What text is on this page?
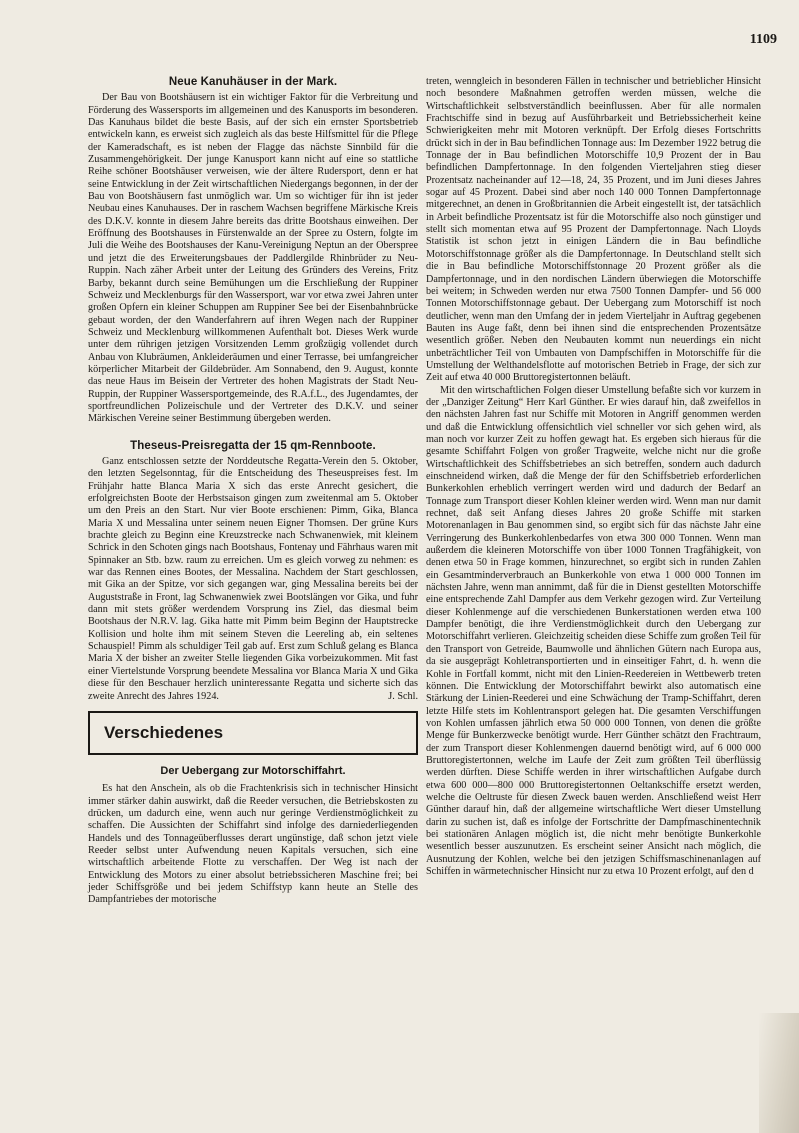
1109

Neue Kanuhäuser in der Mark.

Der Bau von Bootshäusern ist ein wichtiger Faktor für die Verbreitung und Förderung des Wassersports im allgemeinen und des Kanusports im besonderen. Das Kanuhaus bildet die beste Basis, auf der sich ein ernster Sportsbetrieb entwickeln kann, es erweist sich zugleich als das beste Hilfsmittel für die Pflege der Kameradschaft, es ist neben der Flagge das nächste Sinnbild für die Zusammengehörigkeit. Der junge Kanusport kann nicht auf eine so stattliche Reihe schöner Bootshäuser verweisen, wie der ältere Rudersport, denn er hat seine Entwicklung in der Zeit wirtschaftlichen Niedergangs begonnen, in der der Bau von Bootshäusern fast unmöglich war. Um so wichtiger für ihn ist jeder Neubau eines Kanuhauses. Der in raschem Wachsen begriffene Märkische Kreis des D.K.V. konnte in diesem Jahre bereits das dritte Bootshaus einweihen. Der Eröffnung des Bootshauses in Fürstenwalde an der Spree zu Ostern, folgte im Juli die Weihe des Bootshauses der Kanu-Vereinigung Neptun an der Oberspree und jetzt die des Erweiterungsbaues der Paddlergilde Rhinbrüder zu Neu-Ruppin. Nach zäher Arbeit unter der Leitung des Gründers des Vereins, Fritz Barby, bekannt durch seine Bemühungen um die Erschließung der Ruppiner Schweiz und Mecklenburgs für den Wassersport, war vor etwa zwei Jahren unter großen Opfern ein kleiner Schuppen am Ruppiner See bei der Eisenbahnbrücke gebaut worden, der den Wanderfahrern auf ihren Wegen nach der Ruppiner Schweiz und Mecklenburg willkommenen Aufenthalt bot. Dieses Werk wurde unter dem rührigen jetzigen Vorsitzenden Lemm großzügig vollendet durch Anbau von Klubräumen, Ankleideräumen und einer Terrasse, bei umfangreicher körperlicher Mitarbeit der Gildebrüder. Am Sonnabend, den 9. August, konnte das neue Haus im Beisein der Vertreter des hohen Magistrats der Stadt Neu-Ruppin, der Ruppiner Wassersportgemeinde, des R.A.f.L., des Jugendamtes, der sportfreundlichen Polizeischule und der Vertreter des D.K.V. und seiner Märkischen Vereine seiner Bestimmung übergeben werden.

Theseus-Preisregatta der 15 qm-Rennboote.

Ganz entschlossen setzte der Norddeutsche Regatta-Verein den 5. Oktober, den letzten Segelsonntag, für die Entscheidung des Theseuspreises fest. Im Frühjahr hatte Blanca Maria X sich das erste Anrecht gesichert, die erfolgreichsten Boote der Herbstsaison gingen zum zweitenmal am 5. Oktober um den Preis an den Start. Nur vier Boote erschienen: Pimm, Gika, Blanca Maria X und Messalina unter seinem neuen Eigner Thomsen. Der grüne Kurs brachte gleich zu Beginn eine Kreuzstrecke nach Schwanenwiek, mit kleinem Schrick in den Schoten gings nach Bootshaus, Fontenay und Fährhaus waren mit Spinnaker an Stb. bzw. raum zu erreichen. Um es gleich vorweg zu nehmen: es war das Rennen eines Bootes, der Messalina. Nachdem der Start geschlossen, mit Gika an der Spitze, vor sich gegangen war, ging Messalina bereits bei der Auguststraße in Front, lag Schwanenwiek zwei Bootslängen vor Gika, und fuhr dann mit stets größer werdendem Vorsprung ins Ziel, das diesmal beim Bootshaus der N.R.V. lag. Gika hatte mit Pimm beim Beginn der Hauptstrecke Kollision und holte ihm mit seinem Steven die Leereling ab, ein seltenes Schauspiel! Pimm als schuldiger Teil gab auf. Erst zum Schluß gelang es Blanca Maria X der bisher an zweiter Stelle liegenden Gika vorbeizukommen. Mit fast einer Viertelstunde Vorsprung beendete Messalina vor Blanca Maria X und Gika diese für den Beschauer herzlich uninteressante Regatta und sicherte sich das zweite Anrecht des Jahres 1924.	J. Schl.

Verschiedenes
Der Uebergang zur Motorschiffahrt.

Es hat den Anschein, als ob die Frachtenkrisis sich in technischer Hinsicht immer stärker dahin auswirkt, daß die Reeder versuchen, die Betriebskosten zu drücken, um dadurch eine, wenn auch nur geringe Verdienstmöglichkeit zu schaffen. Die Aussichten der Schiffahrt sind infolge des darniederliegenden Handels und des Tonnageüberflusses derart ungünstige, daß schon jetzt viele Reeder selbst unter Aufwendung neuen Kapitals versuchen, sich eine wirtschaftlich arbeitende Flotte zu verschaffen. Der Weg ist nach der Entwicklung des Motors zu einer absolut betriebssicheren Maschine frei; bei jeder Schiffsgröße und bei jedem Schiffstyp kann heute an Stelle des Dampfantriebes der motorische

treten, wenngleich in besonderen Fällen in technischer und betrieblicher Hinsicht noch besondere Maßnahmen getroffen werden müssen, welche die Wirtschaftlichkeit selbstverständlich beeinflussen. Aber für alle normalen Frachtschiffe sind in bezug auf Ausführbarkeit und Betriebssicherheit keine Schwierigkeiten mehr mit Motoren verknüpft. Der Erfolg dieses Fortschritts drückt sich in der in Bau befindlichen Tonnage aus: Im Dezember 1922 betrug die Tonnage der in Bau befindlichen Motorschiffe 10,9 Prozent der in Bau befindlichen Dampfertonnage. In den folgenden Vierteljahren stieg dieser Prozentsatz nacheinander auf 12—18, 24, 35 Prozent, und im Juni dieses Jahres sogar auf 45 Prozent. Dabei sind aber noch 140 000 Tonnen Dampfertonnage mitgerechnet, an denen in Großbritannien die Arbeit eingestellt ist, der tatsächlich in Arbeit befindliche Prozentsatz ist für die Motorschiffe also noch günstiger und stellt sich momentan etwa auf 95 Prozent der Dampfertonnage. Nach Lloyds Statistik ist schon jetzt in einigen Ländern die in Bau befindliche Motorschiffstonnage größer als die Dampfertonnage. In Deutschland stellt sich die in Bau befindliche Motorschiffstonnage 20 Prozent größer als die Dampfertonnage, und in den nordischen Ländern überwiegen die Motorschiffe bei weitem; in Schweden werden nur etwa 7500 Tonnen Dampfer- und 56 000 Tonnen Motorschiffstonnage gebaut. Der Uebergang zum Motorschiff ist noch deutlicher, wenn man den Umfang der in jedem Vierteljahr in Auftrag gegebenen Bauten ins Auge faßt, denn bei ihnen sind die entsprechenden Prozentsätze wesentlich größer. Neben den Neubauten kommt nun neuerdings ein nicht unbeträchtlicher Teil von Umbauten von Dampfschiffen in Motorschiffe für die Umstellung der Welthandelsflotte auf motorischen Betrieb in Frage, der sich zur Zeit auf etwa 40 000 Bruttoregistertonnen beläuft.

Mit den wirtschaftlichen Folgen dieser Umstellung befaßte sich vor kurzem in der „Danziger Zeitung“ Herr Karl Günther. Er wies darauf hin, daß zweifellos in den nächsten Jahren fast nur Schiffe mit Motoren in Angriff genommen werden und daß die Entwicklung offensichtlich viel schneller vor sich gehen wird, als man noch vor kurzer Zeit zu hoffen gewagt hat. Es ergeben sich hieraus für die gesamte Schiffahrt Folgen von großer Tragweite, welche nicht nur die große Wirtschaftlichkeit des Schiffsbetriebes an sich betreffen, sondern auch dadurch einschneidend wirken, daß die Menge der für den Schiffsbetrieb erforderlichen Bunkerkohlen erheblich verringert werden wird und dadurch der Bedarf an Tonnage zum Transport dieser Kohlen kleiner werden wird. Wenn man nur damit rechnet, daß seit Anfang dieses Jahres 20 große Schiffe mit starken Motorenanlagen in Bau genommen sind, so ergibt sich für das nächste Jahr eine Verringerung des Bunkerkohlenbedarfes von etwa 300 000 Tonnen. Wenn man außerdem die kleineren Motorschiffe von über 1000 Tonnen Tragfähigkeit, von denen etwa 50 in Frage kommen, hinzurechnet, so ergibt sich in runden Zahlen ein Gesamtminderverbrauch an Bunkerkohle von etwa 1 000 000 Tonnen im nächsten Jahre, wenn man annimmt, daß für die in Dienst gestellten Motorschiffe eine entsprechende Zahl Dampfer aus dem Verkehr gezogen wird. Zur Verteilung dieser Kohlenmenge auf die verschiedenen Bunkerstationen werden etwa 100 Dampfer benötigt, die ihre Verdienstmöglichkeit durch den Uebergang zur Motorschiffahrt verlieren. Gleichzeitig scheiden diese Schiffe zum großen Teil für den Transport von Getreide, Baumwolle und ähnlichen Gütern nach Europa aus, da sie ausgeprägt Kohletransportierten und in einseitiger Fahrt, d. h. wenn die Kohle in Fortfall kommt, nicht mit den Linien-Reedereien in Wettbewerb treten können. Die Entwicklung der Motorschiffahrt bewirkt also automatisch eine Stärkung der Linien-Reederei und eine Schwächung der Tramp-Schiffahrt, deren letzte Hilfe stets im Kohlentransport gelegen hat. Die gesamten Verschiffungen von Kohlen umfassen jährlich etwa 50 000 000 Tonnen, von denen die größte Menge für Bunkerzwecke benötigt wurde. Herr Günther schätzt den Frachtraum, der zum Transport dieser Kohlenmengen dauernd benötigt wird, auf 6 000 000 Bruttoregistertonnen, welche im Laufe der Zeit zum größten Teil überflüssig werden dürften. Diese Schiffe werden in ihrer wirtschaftlichen Aufgabe durch etwa 600 000—800 000 Bruttoregistertonnen Oeltankschiffe ersetzt werden, welche die Oeltruste für diesen Zweck bauen werden. Anschließend weist Herr Günther darauf hin, daß der allgemeine wirtschaftliche Wert dieser Umstellung darin zu suchen ist, daß es infolge der Fortschritte der Dampfmaschinentechnik bei stationären Anlagen möglich ist, die nicht mehr benötigte Bunkerkohle wesentlich besser auszunutzen. Es erscheint seiner Ansicht nach möglich, die Ausnutzung der Kohlen, welche bei den jetzigen Schiffsmaschinenanlagen auf Schiffen in wärmetechnischer Hinsicht nur zu etwa 10 Prozent erfolgt, auf den d
